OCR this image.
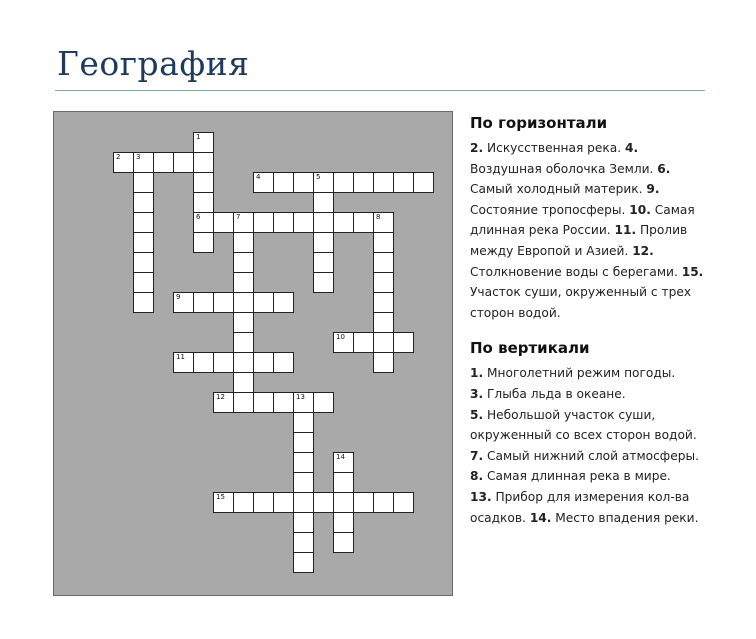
География
1
6
2 3
4	5
7	8
9
10
11
12	13
14
15
По горизонтали

2. Искусственная река. 4. Воздушная оболочка Земли. 6. Самый холодный материк. 9. Состояние тропосферы. 10. Самая длинная река России. 11. Пролив между Европой и Азией. 12. Столкновение воды с берегами. 15. Участок суши, окруженный с трех сторон водой.

По вертикали

1. Многолетний режим погоды.

3. Глыба льда в океане.

5. Небольшой участок суши, окруженный со всех сторон водой.

7. Самый нижний слой атмосферы.

8. Самая длинная река в мире.

13. Прибор для измерения кол-ва осадков. 14. Место впадения реки.
